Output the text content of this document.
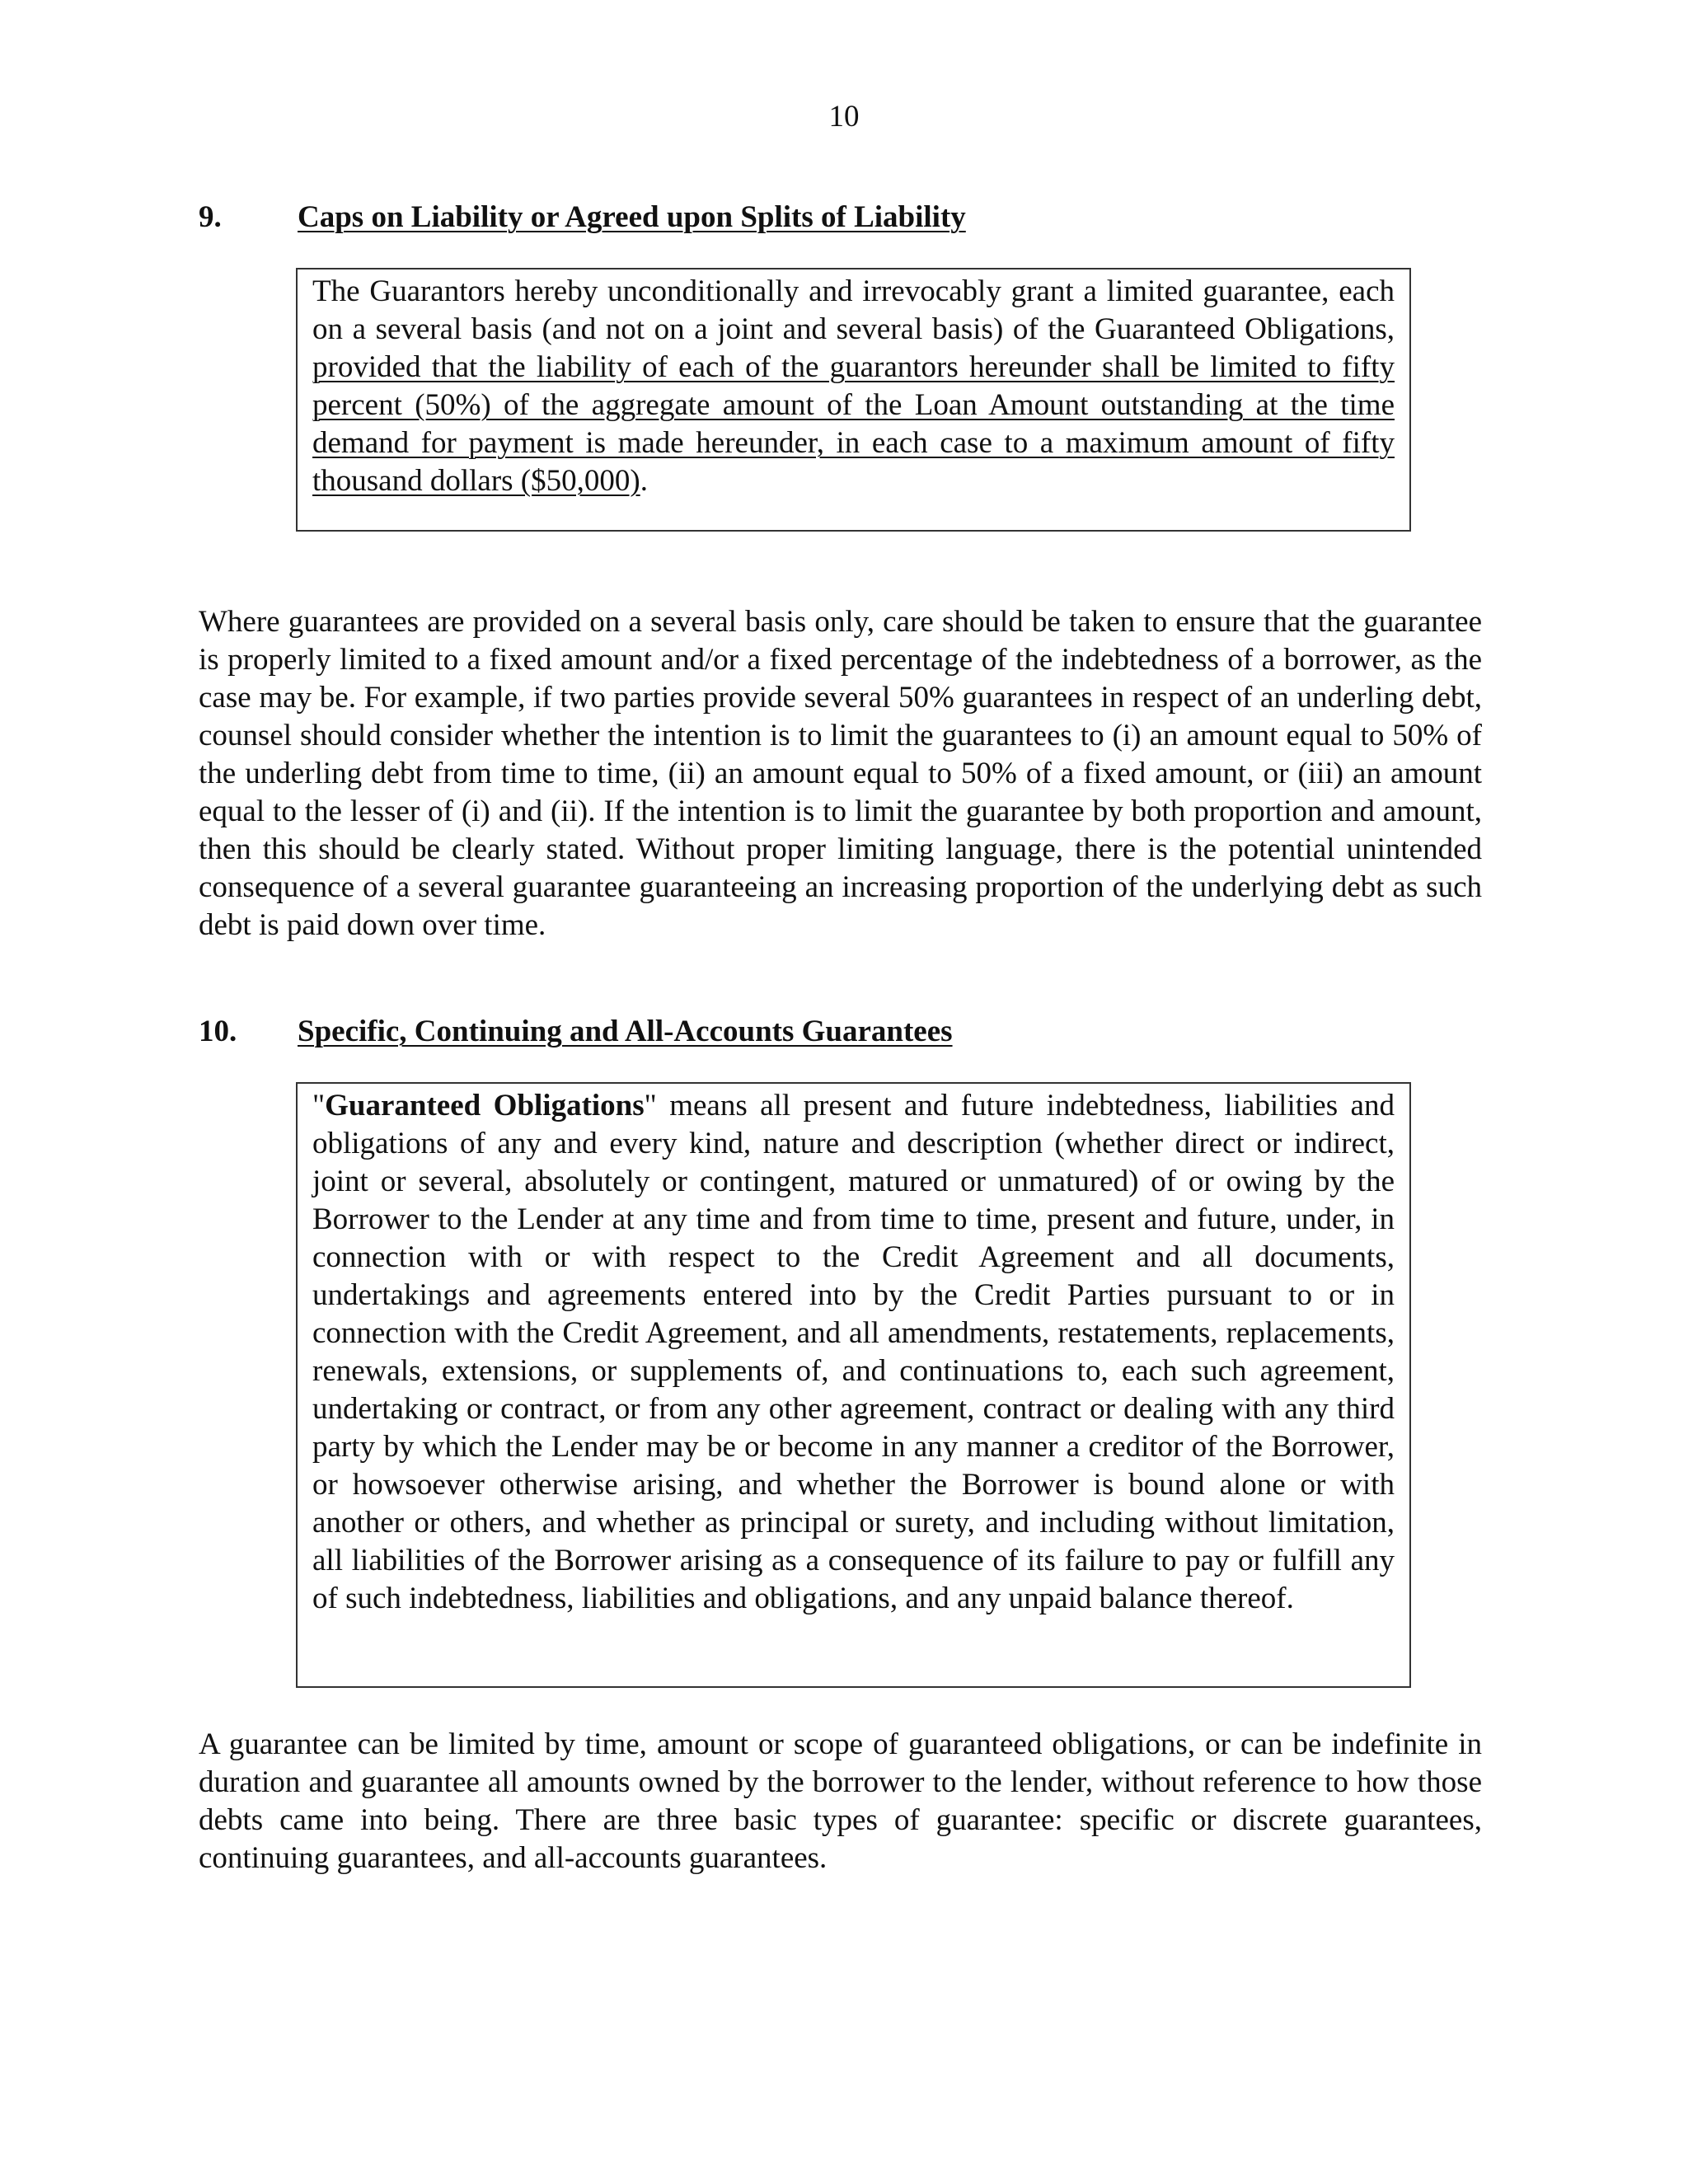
10
9. Caps on Liability or Agreed upon Splits of Liability

The Guarantors hereby unconditionally and irrevocably grant a limited guarantee, each on a several basis (and not on a joint and several basis) of the Guaranteed Obligations, provided that the liability of each of the guarantors hereunder shall be limited to fifty percent (50%) of the aggregate amount of the Loan Amount outstanding at the time demand for payment is made hereunder, in each case to a maximum amount of fifty thousand dollars ($50,000).

Where guarantees are provided on a several basis only, care should be taken to ensure that the guarantee is properly limited to a fixed amount and/or a fixed percentage of the indebtedness of a borrower, as the case may be. For example, if two parties provide several 50% guarantees in respect of an underling debt, counsel should consider whether the intention is to limit the guarantees to (i) an amount equal to 50% of the underling debt from time to time, (ii) an amount equal to 50% of a fixed amount, or (iii) an amount equal to the lesser of (i) and (ii). If the intention is to limit the guarantee by both proportion and amount, then this should be clearly stated. Without proper limiting language, there is the potential unintended consequence of a several guarantee guaranteeing an increasing proportion of the underlying debt as such debt is paid down over time.

10. Specific, Continuing and All-Accounts Guarantees

"Guaranteed Obligations" means all present and future indebtedness, liabilities and obligations of any and every kind, nature and description (whether direct or indirect, joint or several, absolutely or contingent, matured or unmatured) of or owing by the Borrower to the Lender at any time and from time to time, present and future, under, in connection with or with respect to the Credit Agreement and all documents, undertakings and agreements entered into by the Credit Parties pursuant to or in connection with the Credit Agreement, and all amendments, restatements, replacements, renewals, extensions, or supplements of, and continuations to, each such agreement, undertaking or contract, or from any other agreement, contract or dealing with any third party by which the Lender may be or become in any manner a creditor of the Borrower, or howsoever otherwise arising, and whether the Borrower is bound alone or with another or others, and whether as principal or surety, and including without limitation, all liabilities of the Borrower arising as a consequence of its failure to pay or fulfill any of such indebtedness, liabilities and obligations, and any unpaid balance thereof.

A guarantee can be limited by time, amount or scope of guaranteed obligations, or can be indefinite in duration and guarantee all amounts owned by the borrower to the lender, without reference to how those debts came into being. There are three basic types of guarantee: specific or discrete guarantees, continuing guarantees, and all-accounts guarantees.
